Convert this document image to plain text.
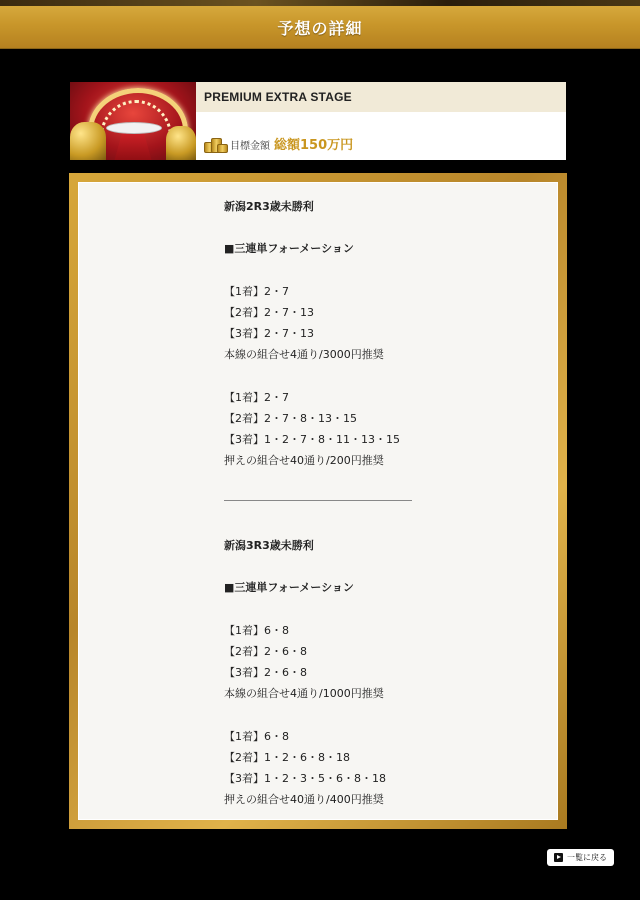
予想の詳細
PREMIUM EXTRA STAGE
目標金額 総額150万円
新潟2R3歳未勝利
■三連単フォーメーション
【1着】2・7
【2着】2・7・13
【3着】2・7・13
本線の組合せ4通り/3000円推奨
【1着】2・7
【2着】2・7・8・13・15
【3着】1・2・7・8・11・13・15
押えの組合せ40通り/200円推奨
新潟3R3歳未勝利
■三連単フォーメーション
【1着】6・8
【2着】2・6・8
【3着】2・6・8
本線の組合せ4通り/1000円推奨
【1着】6・8
【2着】1・2・6・8・18
【3着】1・2・3・5・6・8・18
押えの組合せ40通り/400円推奨
一覧に戻る
